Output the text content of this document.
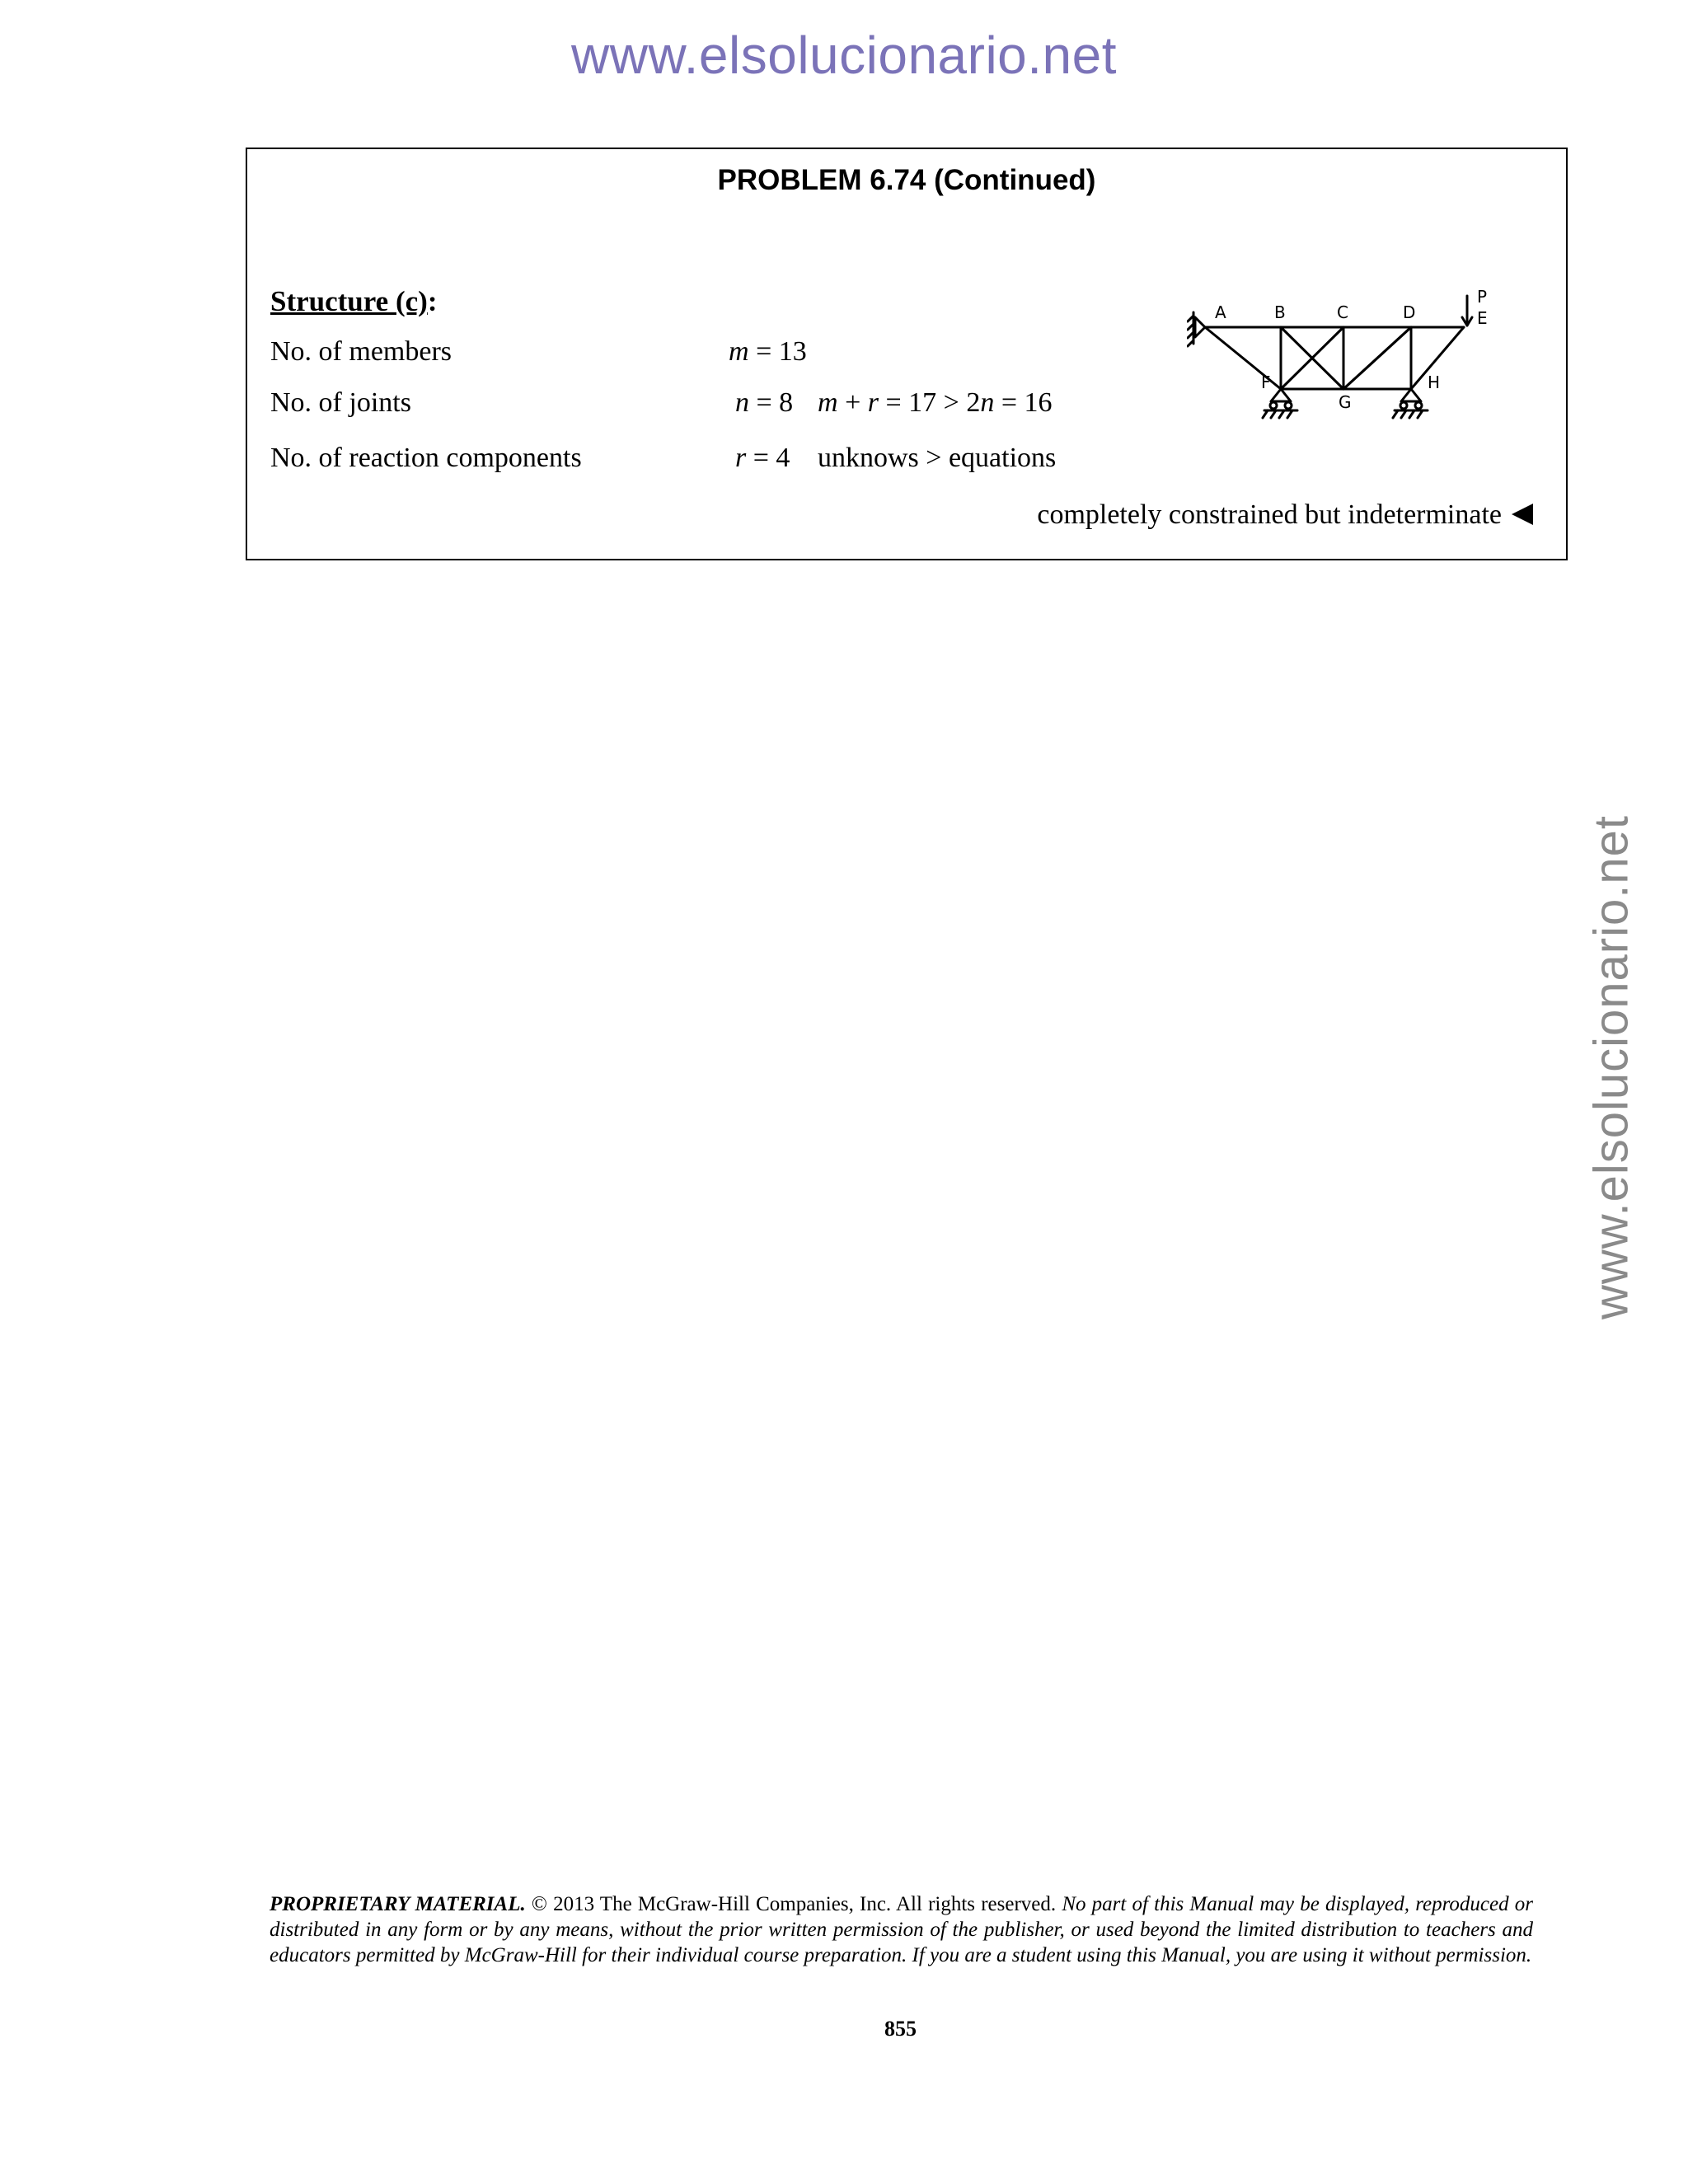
www.elsolucionario.net
www.elsolucionario.net
PROBLEM 6.74 (Continued)
Structure (c):
No. of members	m = 13
No. of joints	n = 8 m + r = 17 > 2n = 16
No. of reaction components	r = 4 unknows > equations
completely constrained but indeterminate
A	B	C	D	E
P
F
G
H
PROPRIETARY MATERIAL. © 2013 The McGraw-Hill Companies, Inc. All rights reserved. No part of this Manual may be displayed, reproduced or distributed in any form or by any means, without the prior written permission of the publisher, or used beyond the limited distribution to teachers and educators permitted by McGraw-Hill for their individual course preparation. If you are a student using this Manual, you are using it without permission.
855
